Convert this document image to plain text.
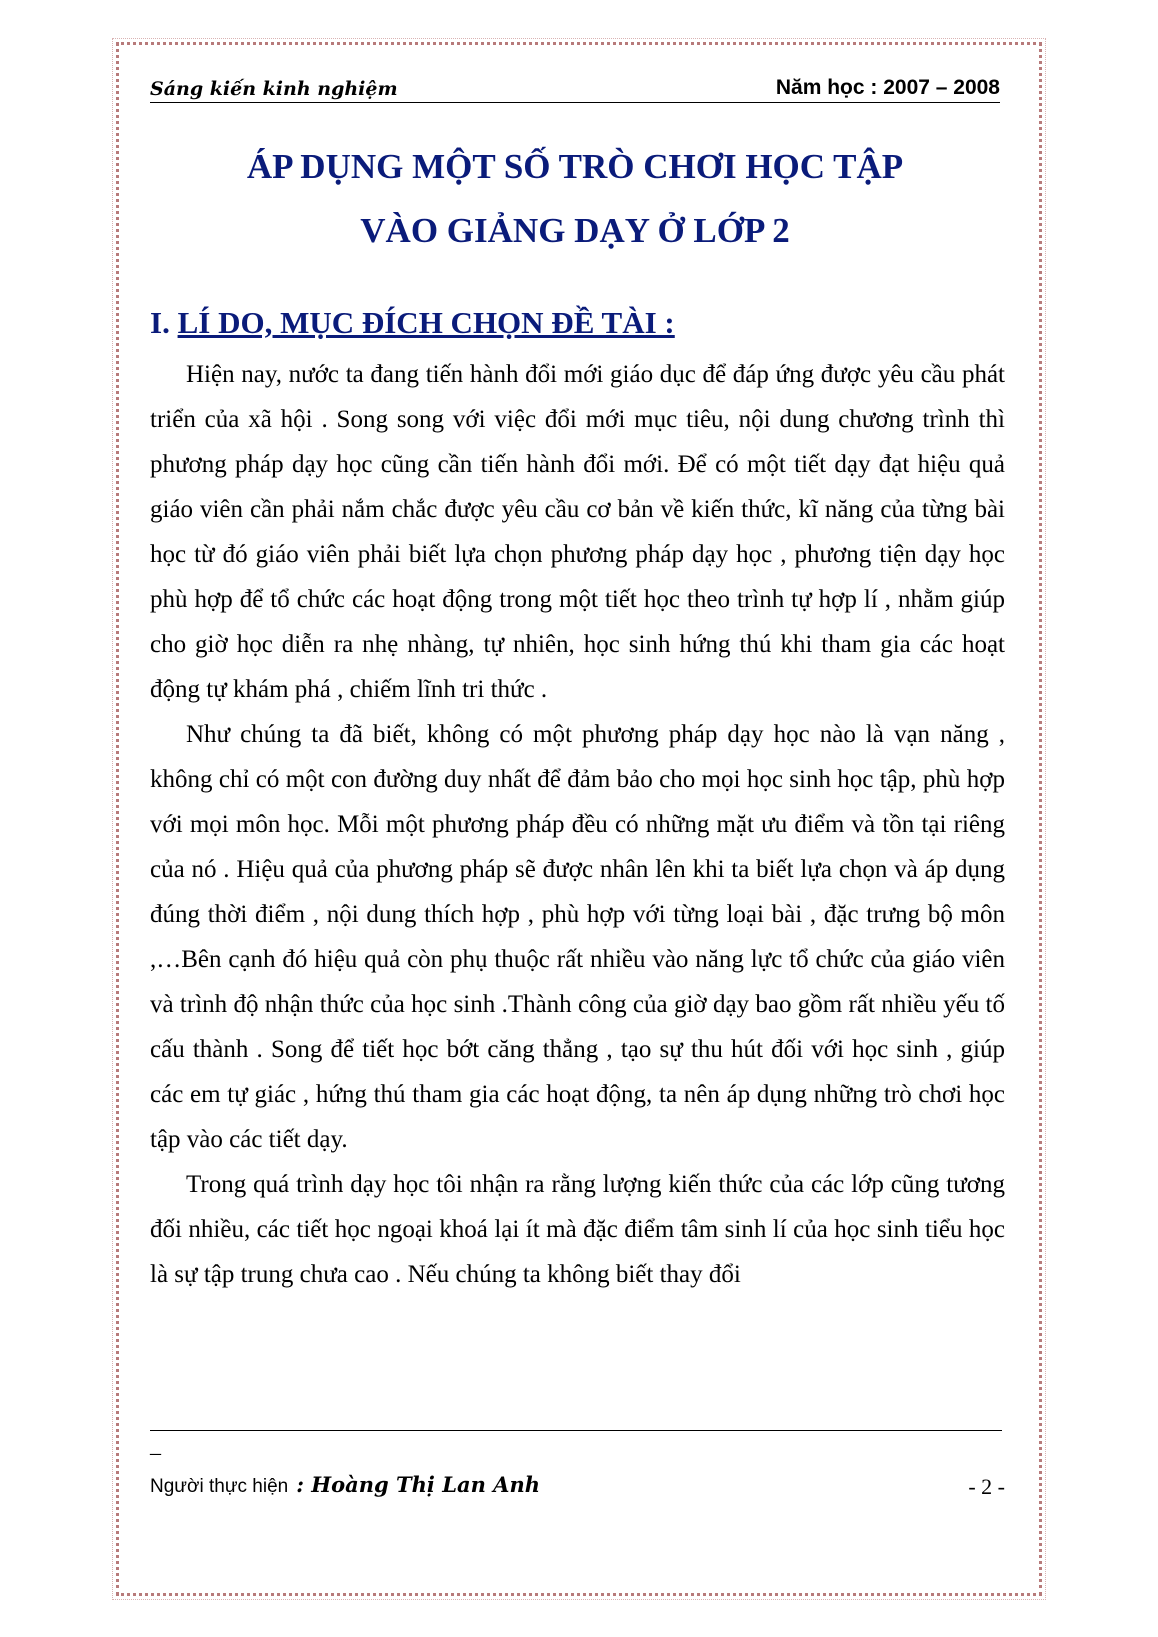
Sáng kiến kinh nghiệm	Năm học : 2007 – 2008
ÁP DỤNG MỘT SỐ TRÒ CHƠI HỌC TẬP
VÀO GIẢNG DẠY Ở LỚP 2
I. LÍ DO, MỤC ĐÍCH CHỌN ĐỀ TÀI :

Hiện nay, nước ta đang tiến hành đổi mới giáo dục để đáp ứng được yêu cầu phát triển của xã hội . Song song với việc đổi mới mục tiêu, nội dung chương trình thì phương pháp dạy học cũng cần tiến hành đổi mới. Để có một tiết dạy đạt hiệu quả giáo viên cần phải nắm chắc được yêu cầu cơ bản về kiến thức, kĩ năng của từng bài học từ đó giáo viên phải biết lựa chọn phương pháp dạy học , phương tiện dạy học phù hợp để tổ chức các hoạt động trong một tiết học theo trình tự hợp lí , nhằm giúp cho giờ học diễn ra nhẹ nhàng, tự nhiên, học sinh hứng thú khi tham gia các hoạt động tự khám phá , chiếm lĩnh tri thức .

Như chúng ta đã biết, không có một phương pháp dạy học nào là vạn năng , không chỉ có một con đường duy nhất để đảm bảo cho mọi học sinh học tập, phù hợp với mọi môn học. Mỗi một phương pháp đều có những mặt ưu điểm và tồn tại riêng của nó . Hiệu quả của phương pháp sẽ được nhân lên khi ta biết lựa chọn và áp dụng đúng thời điểm , nội dung thích hợp , phù hợp với từng loại bài , đặc trưng bộ môn ,…Bên cạnh đó hiệu quả còn phụ thuộc rất nhiều vào năng lực tổ chức của giáo viên và trình độ nhận thức của học sinh .Thành công của giờ dạy bao gồm rất nhiều yếu tố cấu thành . Song để tiết học bớt căng thẳng , tạo sự thu hút đối với học sinh , giúp các em tự giác , hứng thú tham gia các hoạt động, ta nên áp dụng những trò chơi học tập vào các tiết dạy.

Trong quá trình dạy học tôi nhận ra rằng lượng kiến thức của các lớp cũng tương đối nhiều, các tiết học ngoại khoá lại ít mà đặc điểm tâm sinh lí của học sinh tiểu học là sự tập trung chưa cao . Nếu chúng ta không biết thay đổi

_
Người thực hiện : Hoàng Thị Lan Anh	- 2 -
